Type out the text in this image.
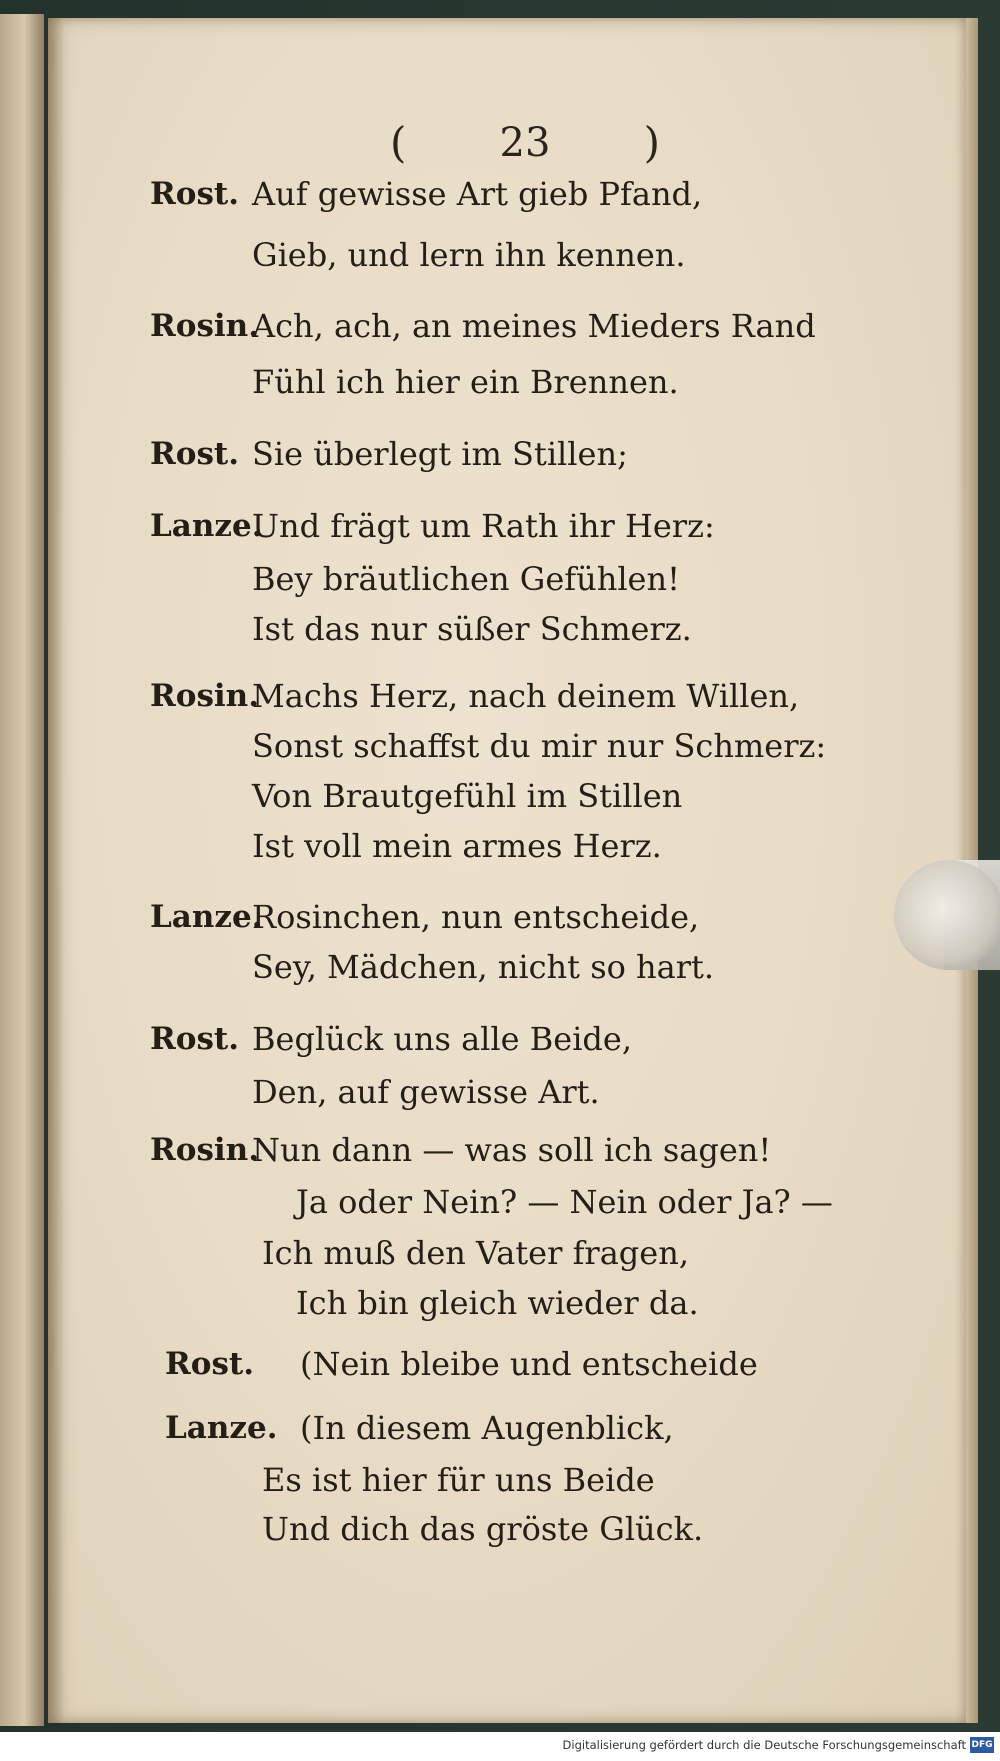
( 23 )
Rost. Auf gewisse Art gieb Pfand,
Gieb, und lern ihn kennen.
Rosin.
Ach, ach, an meines Mieders Rand
Fühl ich hier ein Brennen.
Rost. Sie überlegt im Stillen;
Lanze.
Und frägt um Rath ihr Herz:
Bey bräutlichen Gefühlen!
Ist das nur süßer Schmerz.
Rosin.
Machs Herz, nach deinem Willen,
Sonst schaffst du mir nur Schmerz:
Von Brautgefühl im Stillen
Ist voll mein armes Herz.
Lanze.
Rosinchen, nun entscheide,
Sey, Mädchen, nicht so hart.
Rost. Beglück uns alle Beide,
Den, auf gewisse Art.
Rosin.
Nun dann — was soll ich sagen!
Ja oder Nein? — Nein oder Ja? —
Ich muß den Vater fragen,
Ich bin gleich wieder da.
Rost. (Nein bleibe und entscheide
Lanze. (In diesem Augenblick,
Es ist hier für uns Beide
Und dich das gröste Glück.
Digitalisierung gefördert durch die Deutsche Forschungsgemeinschaft DFG
